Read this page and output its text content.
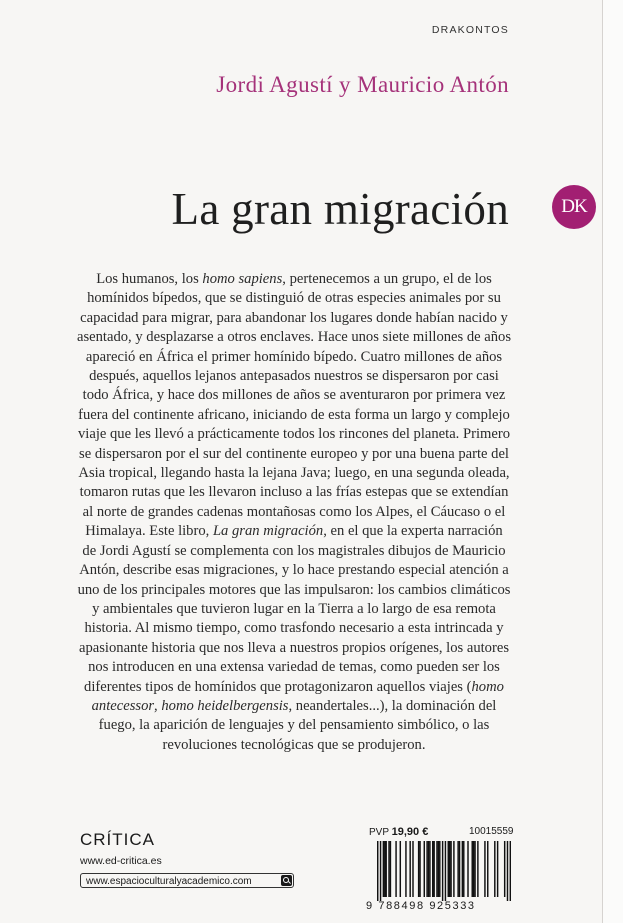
DRAKONTOS
Jordi Agustí y Mauricio Antón
La gran migración	DK

Los humanos, los homo sapiens, pertenecemos a un grupo, el de los homínidos bípedos, que se distinguió de otras especies animales por su capacidad para migrar, para abandonar los lugares donde habían nacido y asentado, y desplazarse a otros enclaves. Hace unos siete millones de años apareció en África el primer homínido bípedo. Cuatro millones de años después, aquellos lejanos antepasados nuestros se dispersaron por casi todo África, y hace dos millones de años se aventuraron por primera vez fuera del continente africano, iniciando de esta forma un largo y complejo viaje que les llevó a prácticamente todos los rincones del planeta. Primero se dispersaron por el sur del continente europeo y por una buena parte del Asia tropical, llegando hasta la lejana Java; luego, en una segunda oleada, tomaron rutas que les llevaron incluso a las frías estepas que se extendían al norte de grandes cadenas montañosas como los Alpes, el Cáucaso o el Himalaya. Este libro, La gran migración, en el que la experta narración de Jordi Agustí se complementa con los magistrales dibujos de Mauricio Antón, describe esas migraciones, y lo hace prestando especial atención a uno de los principales motores que las impulsaron: los cambios climáticos y ambientales que tuvieron lugar en la Tierra a lo largo de esa remota historia. Al mismo tiempo, como trasfondo necesario a esta intrincada y apasionante historia que nos lleva a nuestros propios orígenes, los autores nos introducen en una extensa variedad de temas, como pueden ser los diferentes tipos de homínidos que protagonizaron aquellos viajes (homo antecessor, homo heidelbergensis, neandertales...), la dominación del fuego, la aparición de lenguajes y del pensamiento simbólico, o las revoluciones tecnológicas que se produjeron.

CRÍTICA
www.ed-critica.es
www.espacioculturalyacademico.com
PVP 19,90 €	10015559
9 788498 925333
